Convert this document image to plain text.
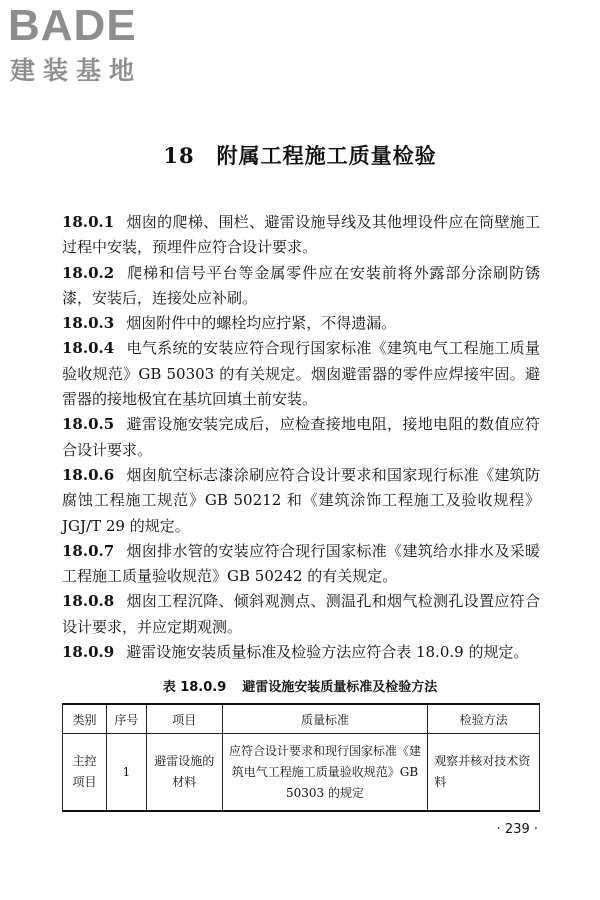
BADE
建装基地
18 附属工程施工质量检验

18.0.1 烟囱的爬梯、围栏、避雷设施导线及其他埋设件应在筒壁施工过程中安装，预埋件应符合设计要求。

18.0.2 爬梯和信号平台等金属零件应在安装前将外露部分涂刷防锈漆，安装后，连接处应补刷。

18.0.3 烟囱附件中的螺栓均应拧紧，不得遗漏。

18.0.4 电气系统的安装应符合现行国家标准《建筑电气工程施工质量验收规范》GB 50303 的有关规定。烟囱避雷器的零件应焊接牢固。避雷器的接地极宜在基坑回填土前安装。

18.0.5 避雷设施安装完成后，应检查接地电阻，接地电阻的数值应符合设计要求。

18.0.6 烟囱航空标志漆涂刷应符合设计要求和国家现行标准《建筑防腐蚀工程施工规范》GB 50212 和《建筑涂饰工程施工及验收规程》JGJ/T 29 的规定。

18.0.7 烟囱排水管的安装应符合现行国家标准《建筑给水排水及采暖工程施工质量验收规范》GB 50242 的有关规定。

18.0.8 烟囱工程沉降、倾斜观测点、测温孔和烟气检测孔设置应符合设计要求，并应定期观测。

18.0.9 避雷设施安装质量标准及检验方法应符合表 18.0.9 的规定。

表 18.0.9 避雷设施安装质量标准及检验方法
类别	序号	项目	质量标准	检验方法
主控项目	1	避雷设施的材料	应符合设计要求和现行国家标准《建筑电气工程施工质量验收规范》GB 50303 的规定	观察并核对技术资料
· 239 ·
